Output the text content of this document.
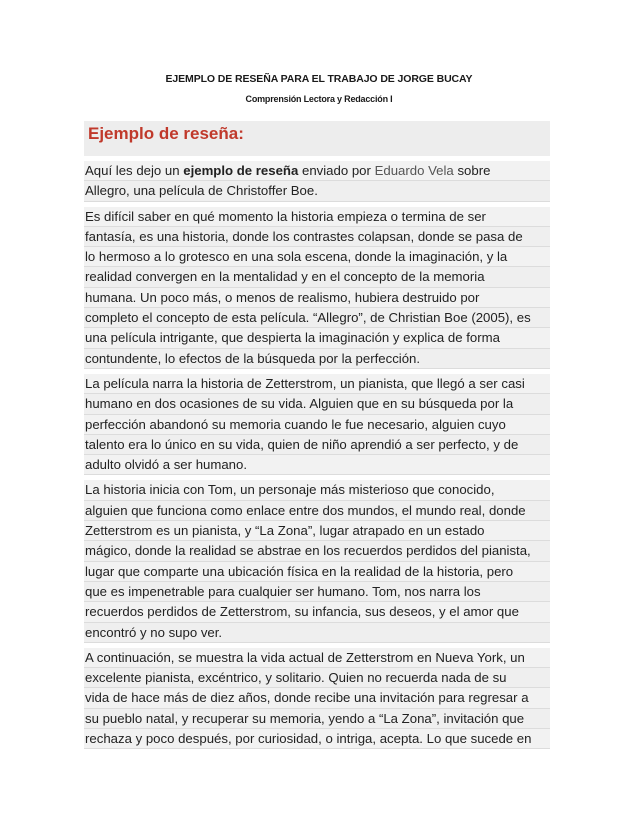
EJEMPLO DE RESEÑA PARA EL TRABAJO DE JORGE BUCAY
Comprensión Lectora y Redacción I
Ejemplo de reseña:
Aquí les dejo un ejemplo de reseña enviado por Eduardo Vela sobre
Allegro, una película de Christoffer Boe.
Es difícil saber en qué momento la historia empieza o termina de ser
fantasía, es una historia, donde los contrastes colapsan, donde se pasa de
lo hermoso a lo grotesco en una sola escena, donde la imaginación, y la
realidad convergen en la mentalidad y en el concepto de la memoria
humana. Un poco más, o menos de realismo, hubiera destruido por
completo el concepto de esta película. “Allegro”, de Christian Boe (2005), es
una película intrigante, que despierta la imaginación y explica de forma
contundente, lo efectos de la búsqueda por la perfección.
La película narra la historia de Zetterstrom, un pianista, que llegó a ser casi
humano en dos ocasiones de su vida. Alguien que en su búsqueda por la
perfección abandonó su memoria cuando le fue necesario, alguien cuyo
talento era lo único en su vida, quien de niño aprendió a ser perfecto, y de
adulto olvidó a ser humano.
La historia inicia con Tom, un personaje más misterioso que conocido,
alguien que funciona como enlace entre dos mundos, el mundo real, donde
Zetterstrom es un pianista, y “La Zona”, lugar atrapado en un estado
mágico, donde la realidad se abstrae en los recuerdos perdidos del pianista,
lugar que comparte una ubicación física en la realidad de la historia, pero
que es impenetrable para cualquier ser humano. Tom, nos narra los
recuerdos perdidos de Zetterstrom, su infancia, sus deseos, y el amor que
encontró y no supo ver.
A continuación, se muestra la vida actual de Zetterstrom en Nueva York, un
excelente pianista, excéntrico, y solitario. Quien no recuerda nada de su
vida de hace más de diez años, donde recibe una invitación para regresar a
su pueblo natal, y recuperar su memoria, yendo a “La Zona”, invitación que
rechaza y poco después, por curiosidad, o intriga, acepta. Lo que sucede en
